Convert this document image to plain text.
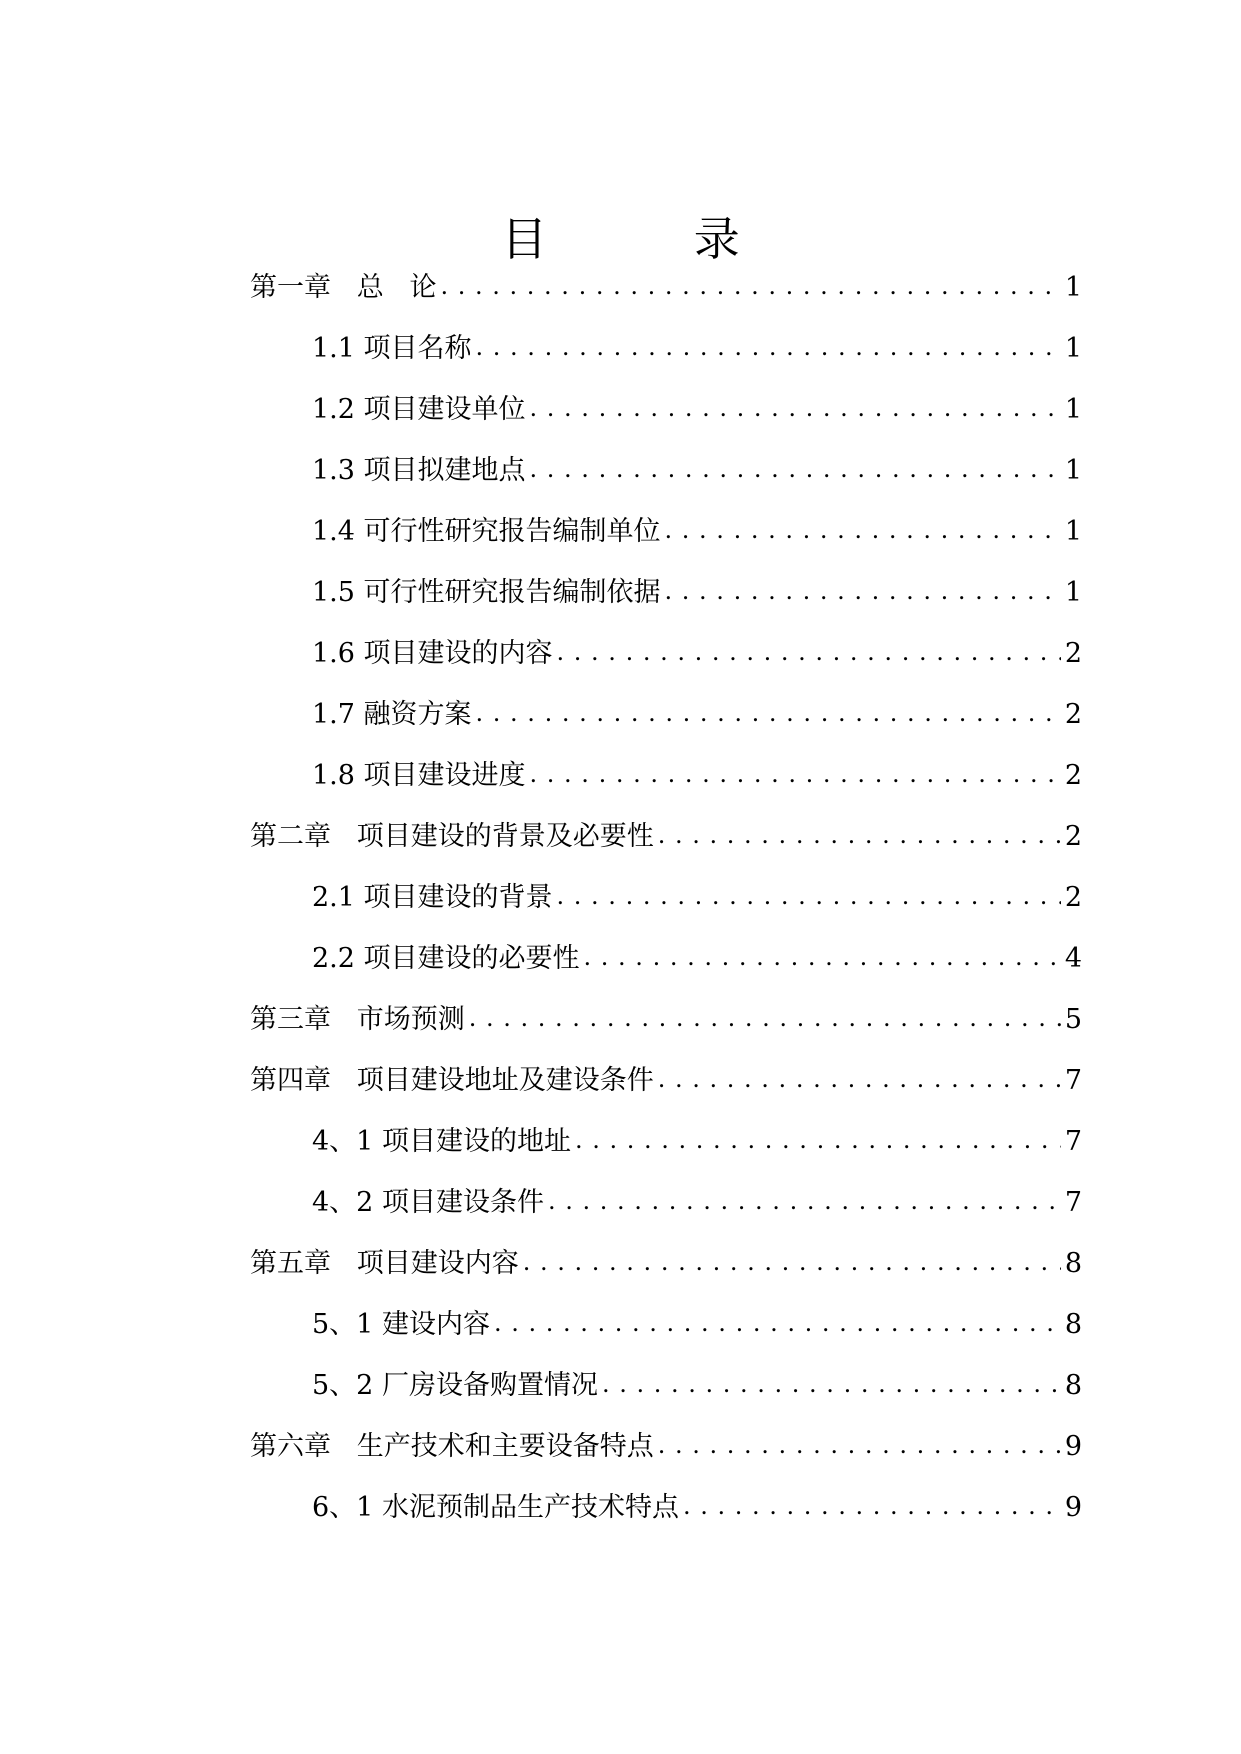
目 录
第一章   总   论 . . .	1
1.1 项目名称 . . .	1
1.2 项目建设单位 . . .	1
1.3 项目拟建地点 . . .	1
1.4 可行性研究报告编制单位 . . .	1
1.5 可行性研究报告编制依据 . . .	1
1.6 项目建设的内容 . . .	2
1.7 融资方案 . . .	2
1.8 项目建设进度 . . .	2
第二章   项目建设的背景及必要性 . . .	2
2.1 项目建设的背景 . . .	2
2.2 项目建设的必要性 . . .	4
第三章   市场预测 . . .	5
第四章   项目建设地址及建设条件 . . .	7
4、1 项目建设的地址 . . .	7
4、2 项目建设条件 . . .	7
第五章   项目建设内容 . . .	8
5、1 建设内容 . . .	8
5、2 厂房设备购置情况 . . .	8
第六章   生产技术和主要设备特点 . . .	9
6、1 水泥预制品生产技术特点 . . .	9
